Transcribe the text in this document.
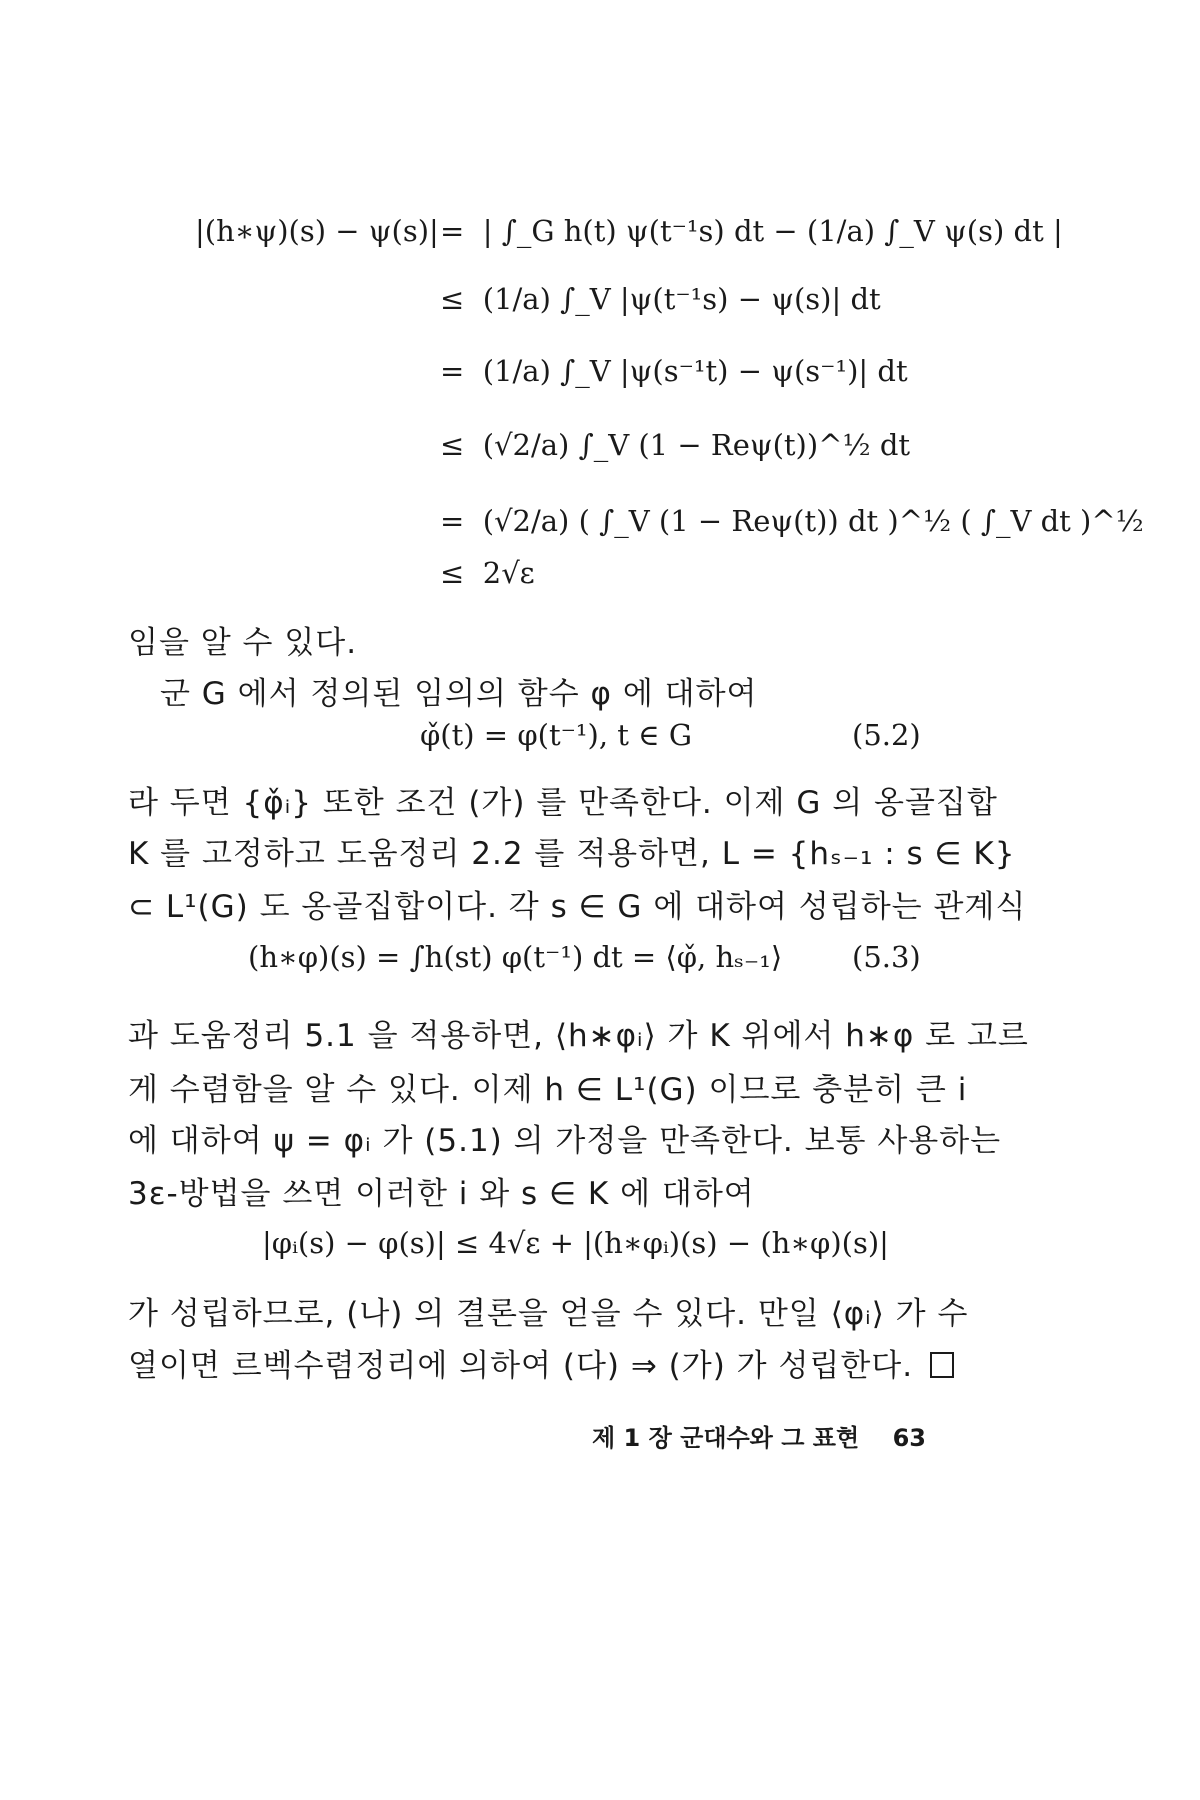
|(h∗ψ)(s) − ψ(s)| = | ∫_G h(t) ψ(t⁻¹s) dt − (1/a) ∫_V ψ(s) dt |
≤ (1/a) ∫_V |ψ(t⁻¹s) − ψ(s)| dt
= (1/a) ∫_V |ψ(s⁻¹t) − ψ(s⁻¹)| dt
≤ (√2/a) ∫_V (1 − Reψ(t))^½ dt
= (√2/a) ( ∫_V (1 − Reψ(t)) dt )^½ ( ∫_V dt )^½
≤ 2√ε
임을 알 수 있다.
군 G 에서 정의된 임의의 함수 φ 에 대하여
φ̌(t) = φ(t⁻¹), t ∈ G	(5.2)
라 두면 {φ̌ᵢ} 또한 조건 (가) 를 만족한다. 이제 G 의 옹골집합
K 를 고정하고 도움정리 2.2 를 적용하면, L = {hₛ₋₁ : s ∈ K}
⊂ L¹(G) 도 옹골집합이다. 각 s ∈ G 에 대하여 성립하는 관계식
(h∗φ)(s) = ∫h(st) φ(t⁻¹) dt = ⟨φ̌, hₛ₋₁⟩ (5.3)
과 도움정리 5.1 을 적용하면, ⟨h∗φᵢ⟩ 가 K 위에서 h∗φ 로 고르
게 수렴함을 알 수 있다. 이제 h ∈ L¹(G) 이므로 충분히 큰 i
에 대하여 ψ = φᵢ 가 (5.1) 의 가정을 만족한다. 보통 사용하는
3ε-방법을 쓰면 이러한 i 와 s ∈ K 에 대하여
|φᵢ(s) − φ(s)| ≤ 4√ε + |(h∗φᵢ)(s) − (h∗φ)(s)|
가 성립하므로, (나) 의 결론을 얻을 수 있다. 만일 ⟨φᵢ⟩ 가 수
열이면 르벡수렴정리에 의하여 (다) ⇒ (가) 가 성립한다.
제 1 장 군대수와 그 표현 63
